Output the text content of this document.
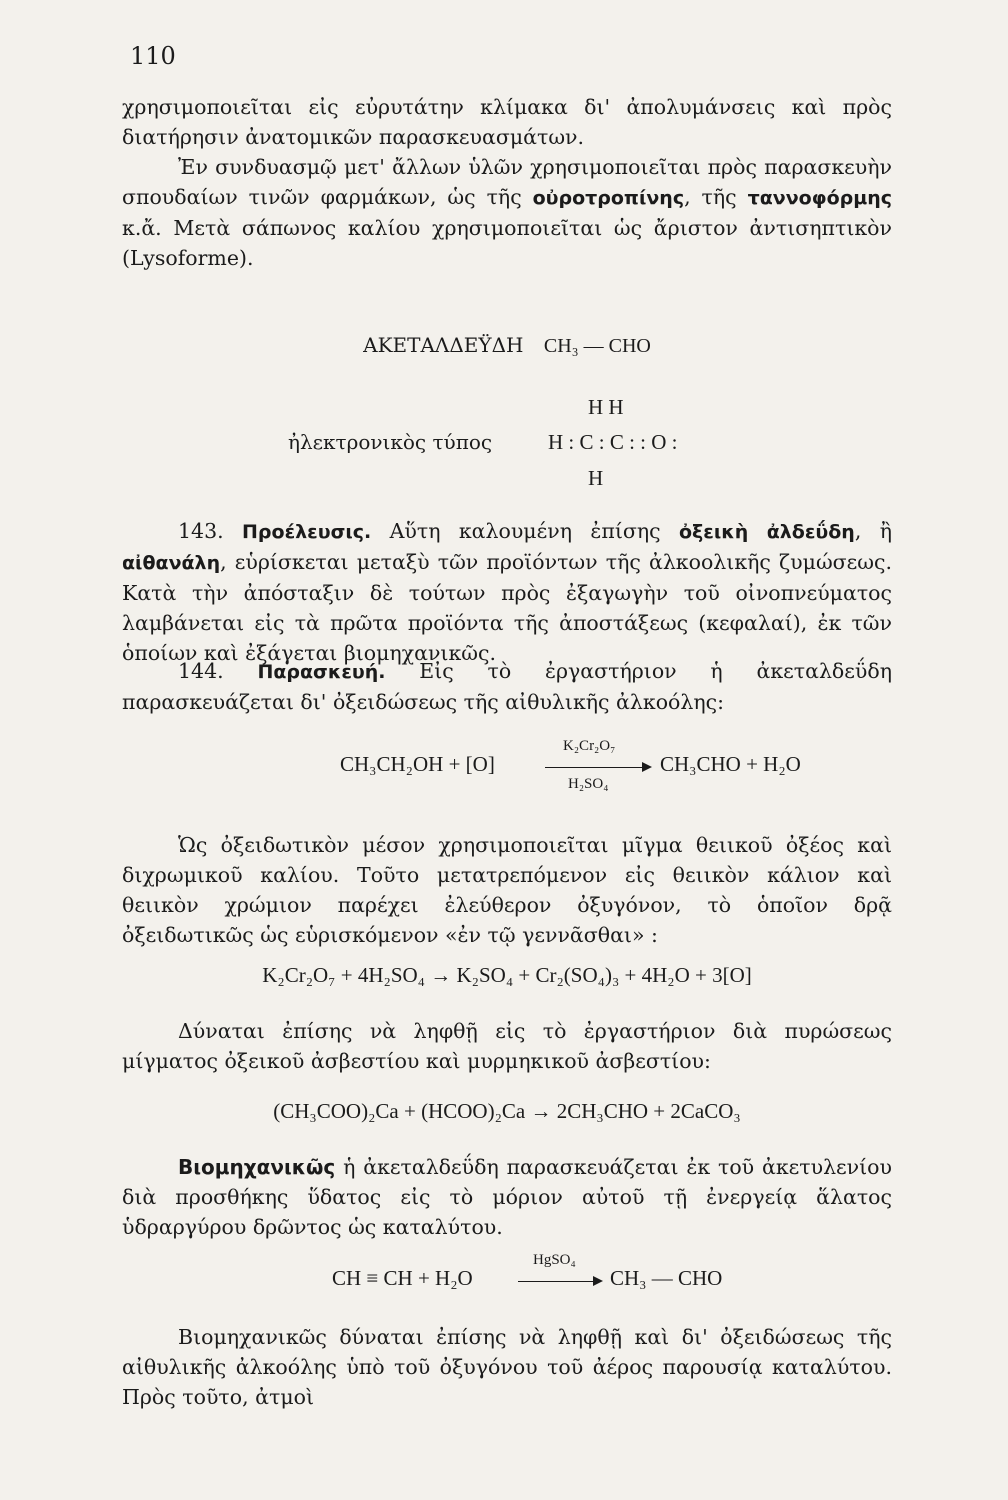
110

χρησιμοποιεῖται εἰς εὐρυτάτην κλίμακα δι' ἀπολυμάνσεις καὶ πρὸς διατήρησιν ἀνατομικῶν παρασκευασμάτων.

Ἐν συνδυασμῷ μετ' ἄλλων ὑλῶν χρησιμοποιεῖται πρὸς παρασκευὴν σπουδαίων τινῶν φαρμάκων, ὡς τῆς οὐροτροπίνης, τῆς ταννοφόρμης κ.ἄ. Μετὰ σάπωνος καλίου χρησιμοποιεῖται ὡς ἄριστον ἀντισηπτικὸν (Lysoforme).

ΑΚΕΤΑΛΔΕΫΔΗ CH₃ — CHO
H H
ἠλεκτρονικὸς τύπος	H : C : C : : O :
H

143. Προέλευσις. Αὕτη καλουμένη ἐπίσης ὀξεικὴ ἀλδεΰδη, ἢ αἰθανάλη, εὑρίσκεται μεταξὺ τῶν προϊόντων τῆς ἀλκοολικῆς ζυμώσεως. Κατὰ τὴν ἀπόσταξιν δὲ τούτων πρὸς ἐξαγωγὴν τοῦ οἰνοπνεύματος λαμβάνεται εἰς τὰ πρῶτα προϊόντα τῆς ἀποστάξεως (κεφαλαί), ἐκ τῶν ὁποίων καὶ ἐξάγεται βιομηχανικῶς.

144. Παρασκευή. Εἰς τὸ ἐργαστήριον ἡ ἀκεταλδεΰδη παρασκευάζεται δι' ὀξειδώσεως τῆς αἰθυλικῆς ἀλκοόλης:

CH₃CH₂OH + [O]
K₂Cr₂O₇
H₂SO₄
CH₃CHO + H₂O

Ὡς ὀξειδωτικὸν μέσον χρησιμοποιεῖται μῖγμα θειικοῦ ὀξέος καὶ διχρωμικοῦ καλίου. Τοῦτο μετατρεπόμενον εἰς θειικὸν κάλιον καὶ θειικὸν χρώμιον παρέχει ἐλεύθερον ὀξυγόνον, τὸ ὁποῖον δρᾷ ὀξειδωτικῶς ὡς εὑρισκόμενον «ἐν τῷ γεννᾶσθαι» :

K₂Cr₂O₇ + 4H₂SO₄ → K₂SO₄ + Cr₂(SO₄)₃ + 4H₂O + 3[O]

Δύναται ἐπίσης νὰ ληφθῇ εἰς τὸ ἐργαστήριον διὰ πυρώσεως μίγματος ὀξεικοῦ ἀσβεστίου καὶ μυρμηκικοῦ ἀσβεστίου:

(CH₃COO)₂Ca + (HCOO)₂Ca → 2CH₃CHO + 2CaCO₃

Βιομηχανικῶς ἡ ἀκεταλδεΰδη παρασκευάζεται ἐκ τοῦ ἀκετυλενίου διὰ προσθήκης ὕδατος εἰς τὸ μόριον αὐτοῦ τῇ ἐνεργείᾳ ἅλατος ὑδραργύρου δρῶντος ὡς καταλύτου.

CH ≡ CH + H₂O
HgSO₄
CH₃ — CHO

Βιομηχανικῶς δύναται ἐπίσης νὰ ληφθῇ καὶ δι' ὀξειδώσεως τῆς αἰθυλικῆς ἀλκοόλης ὑπὸ τοῦ ὀξυγόνου τοῦ ἀέρος παρουσίᾳ καταλύτου. Πρὸς τοῦτο, ἀτμοὶ
